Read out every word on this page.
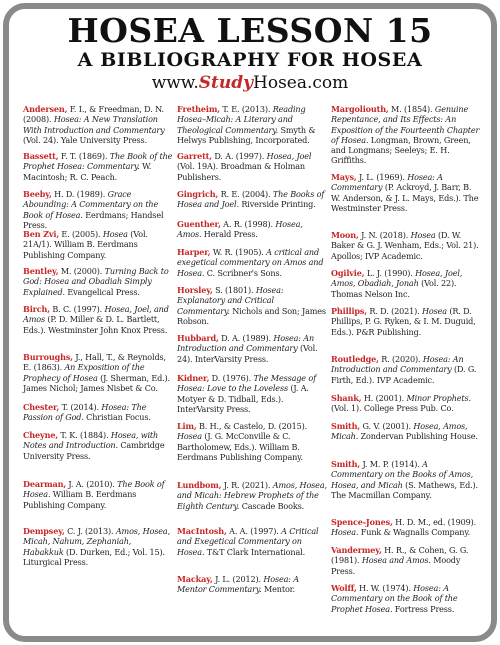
HOSEA LESSON 15
A BIBLIOGRAPHY FOR HOSEA
www.StudyHosea.com
Andersen, F. I., & Freedman, D. N. (2008). Hosea: A New Translation With Introduction and Commentary (Vol. 24). Yale University Press.
Bassett, F. T. (1869). The Book of the Prophet Hosea: Commentary. W. Macintosh; R. C. Peach.
Beeby, H. D. (1989). Grace Abounding: A Commentary on the Book of Hosea. Eerdmans; Handsel Press.
Ben Zvi, E. (2005). Hosea (Vol. 21A/1). William B. Eerdmans Publishing Company.
Bentley, M. (2000). Turning Back to God: Hosea and Obadiah Simply Explained. Evangelical Press.
Birch, B. C. (1997). Hosea, Joel, and Amos (P. D. Miller & D. L. Bartlett, Eds.). Westminster John Knox Press.
Burroughs, J., Hall, T., & Reynolds, E. (1863). An Exposition of the Prophecy of Hosea (J. Sherman, Ed.). James Nichol; James Nisbet & Co.
Chester, T. (2014). Hosea: The Passion of God. Christian Focus.
Cheyne, T. K. (1884). Hosea, with Notes and Introduction. Cambridge University Press.
Dearman, J. A. (2010). The Book of Hosea. William B. Eerdmans Publishing Company.
Dempsey, C. J. (2013). Amos, Hosea, Micah, Nahum, Zephaniah, Habakkuk (D. Durken, Ed.; Vol. 15). Liturgical Press.
Fretheim, T. E. (2013). Reading Hosea–Micah: A Literary and Theological Commentary. Smyth & Helwys Publishing, Incorporated.
Garrett, D. A. (1997). Hosea, Joel (Vol. 19A). Broadman & Holman Publishers.
Gingrich, R. E. (2004). The Books of Hosea and Joel. Riverside Printing.
Guenther, A. R. (1998). Hosea, Amos. Herald Press.
Harper, W. R. (1905). A critical and exegetical commentary on Amos and Hosea. C. Scribner's Sons.
Horsley, S. (1801). Hosea: Explanatory and Critical Commentary. Nichols and Son; James Robson.
Hubbard, D. A. (1989). Hosea: An Introduction and Commentary (Vol. 24). InterVarsity Press.
Kidner, D. (1976). The Message of Hosea: Love to the Loveless (J. A. Motyer & D. Tidball, Eds.). InterVarsity Press.
Lim, B. H., & Castelo, D. (2015). Hosea (J. G. McConville & C. Bartholomew, Eds.). William B. Eerdmans Publishing Company.
Lundbom, J. R. (2021). Amos, Hosea, and Micah: Hebrew Prophets of the Eighth Century. Cascade Books.
MacIntosh, A. A. (1997). A Critical and Exegetical Commentary on Hosea. T&T Clark International.
Mackay, J. L. (2012). Hosea: A Mentor Commentary. Mentor.
Margoliouth, M. (1854). Genuine Repentance, and Its Effects: An Exposition of the Fourteenth Chapter of Hosea. Longman, Brown, Green, and Longmans; Seeleys; E. H. Griffiths.
Mays, J. L. (1969). Hosea: A Commentary (P. Ackroyd, J. Barr, B. W. Anderson, & J. L. Mays, Eds.). The Westminster Press.
Moon, J. N. (2018). Hosea (D. W. Baker & G. J. Wenham, Eds.; Vol. 21). Apollos; IVP Academic.
Ogilvie, L. J. (1990). Hosea, Joel, Amos, Obadiah, Jonah (Vol. 22). Thomas Nelson Inc.
Phillips, R. D. (2021). Hosea (R. D. Phillips, P. G. Ryken, & I. M. Duguid, Eds.). P&R Publishing.
Routledge, R. (2020). Hosea: An Introduction and Commentary (D. G. Firth, Ed.). IVP Academic.
Shank, H. (2001). Minor Prophets. (Vol. 1). College Press Pub. Co.
Smith, G. V. (2001). Hosea, Amos, Micah. Zondervan Publishing House.
Smith, J. M. P. (1914). A Commentary on the Books of Amos, Hosea, and Micah (S. Mathews, Ed.). The Macmillan Company.
Spence-Jones, H. D. M., ed. (1909). Hosea. Funk & Wagnalls Company.
Vandermey, H. R., & Cohen, G. G. (1981). Hosea and Amos. Moody Press.
Wolff, H. W. (1974). Hosea: A Commentary on the Book of the Prophet Hosea. Fortress Press.
